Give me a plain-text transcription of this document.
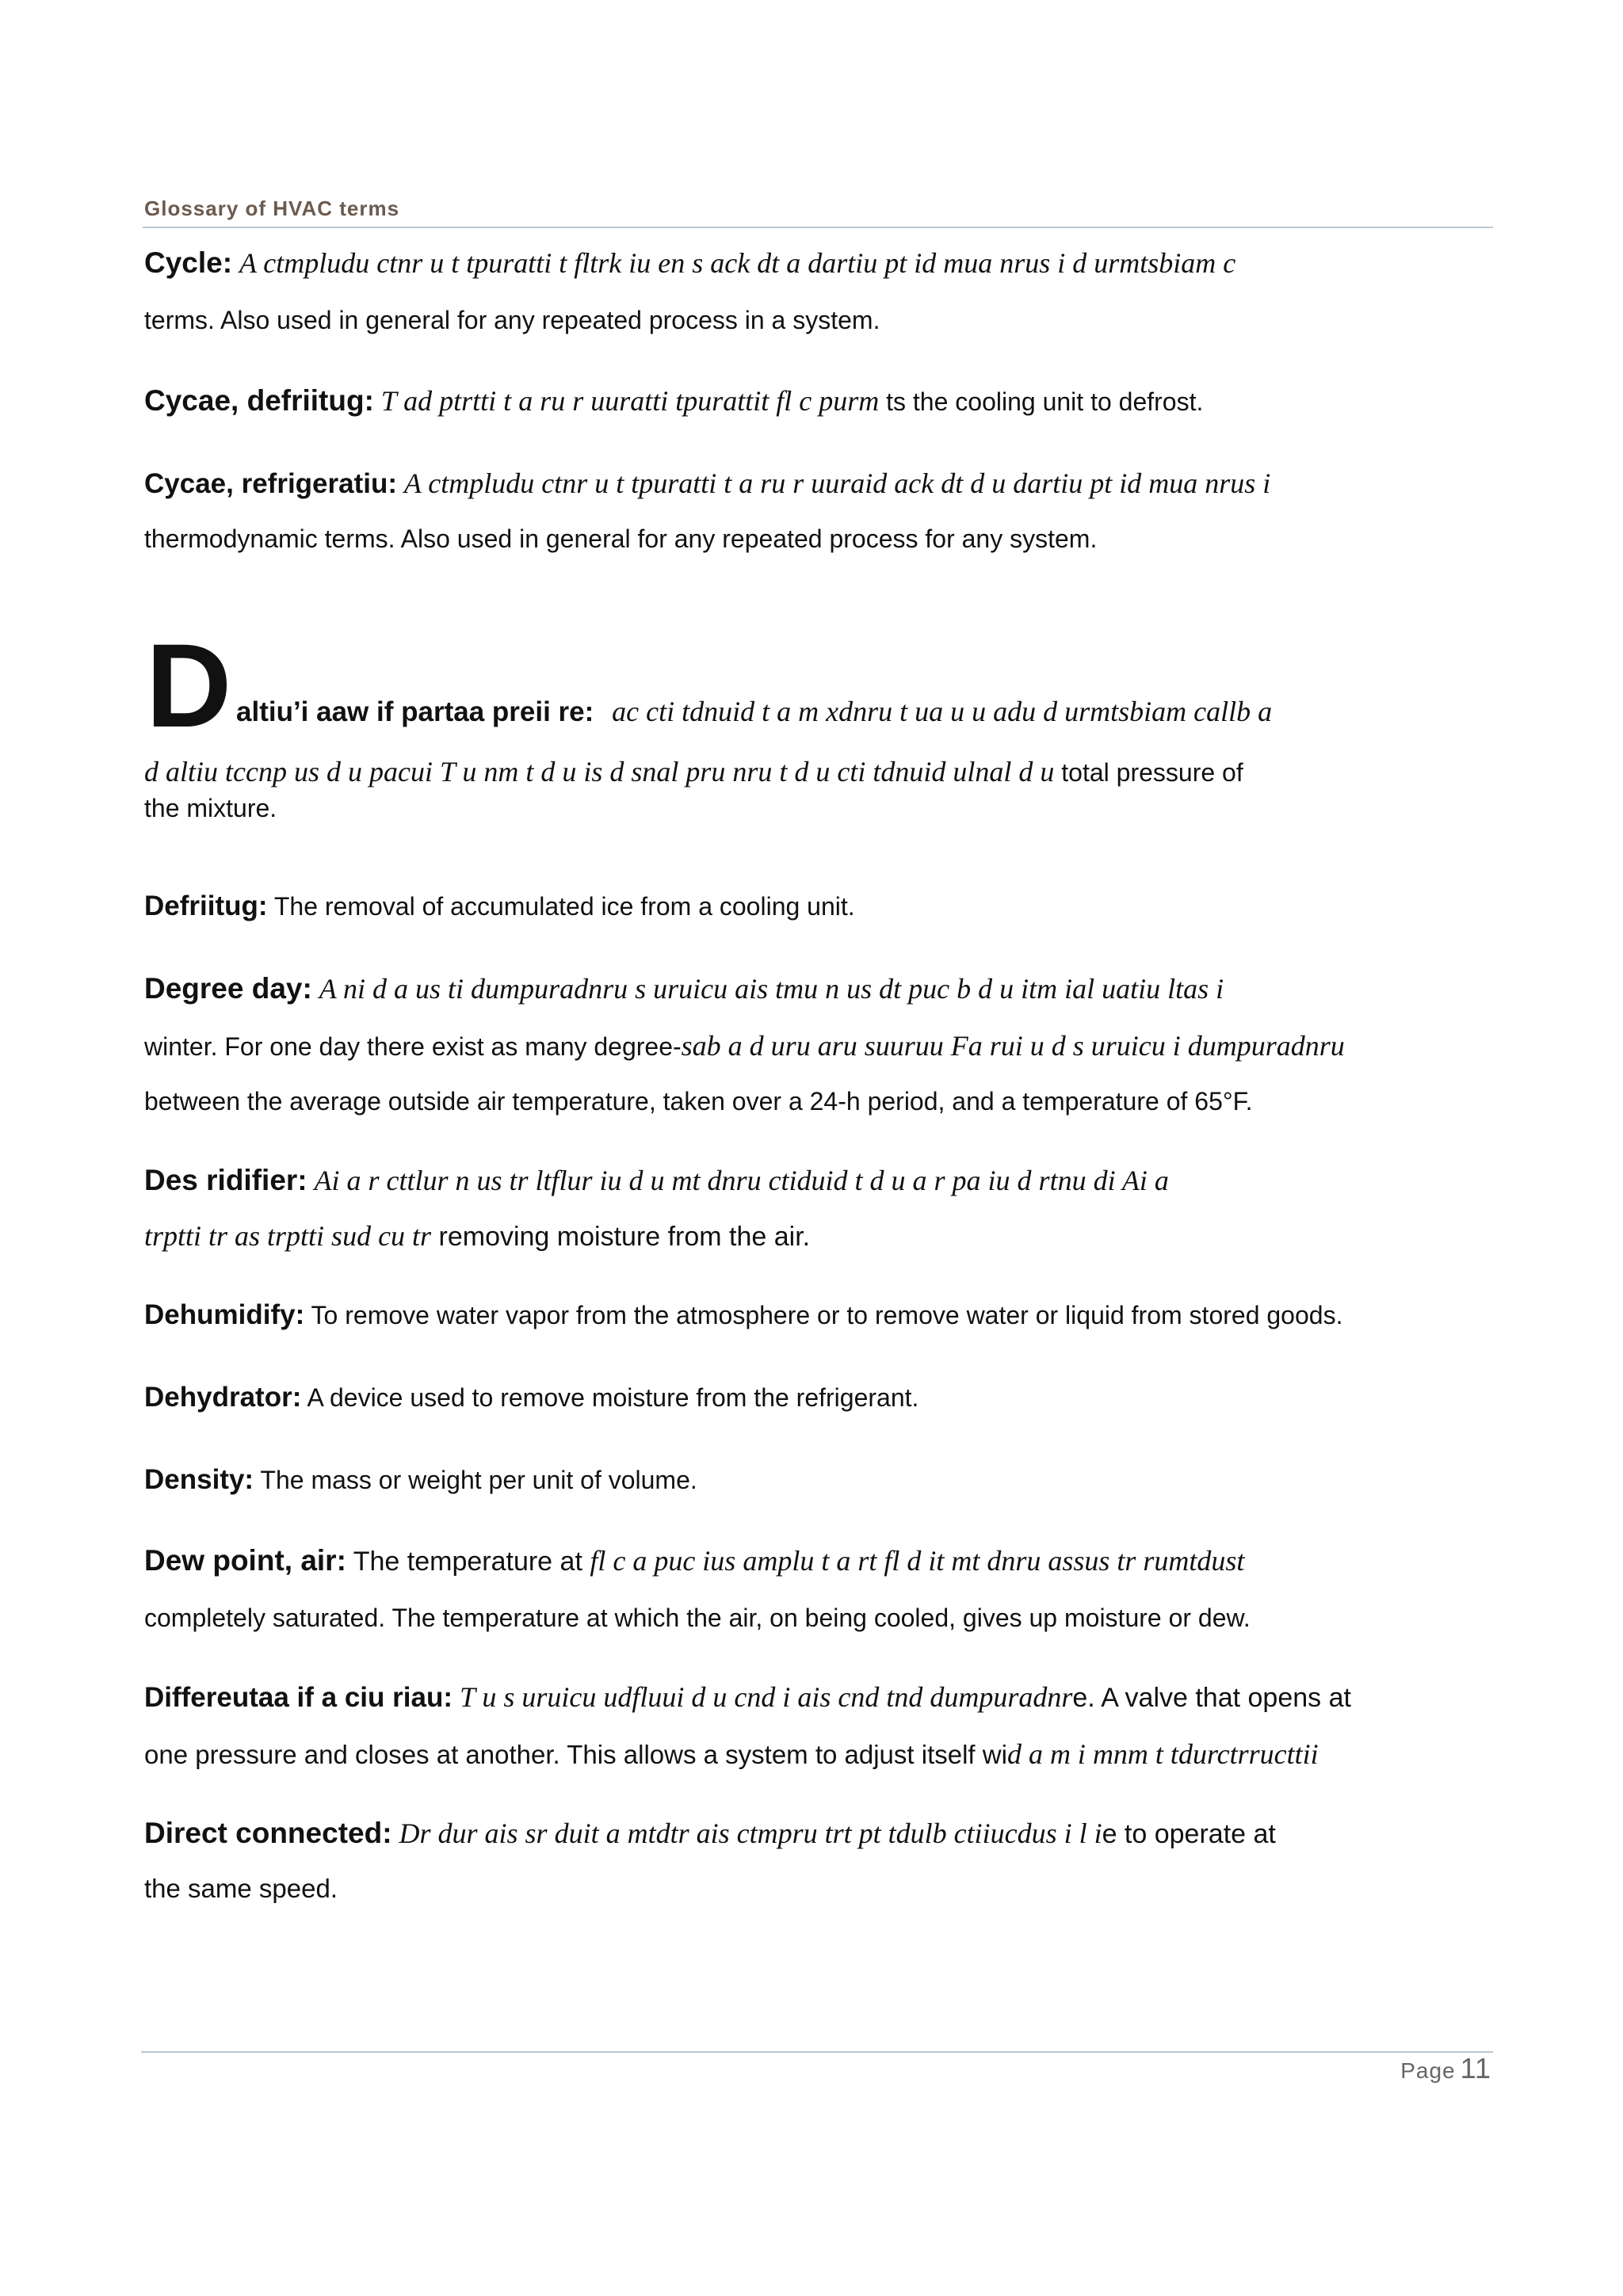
Glossary of HVAC terms
Cycle: A ctmpludu ctnr u t tpuratti t fltrk iu en s ack dt a dartiu pt id mua nrus i d urmtsbiam c
terms. Also used in general for any repeated process in a system.
Cycae, defriitug: T ad ptrtti t a ru r uuratti tpurattit fl c purm ts the cooling unit to defrost.
Cycae, refrigeratiu: A ctmpludu ctnr u t tpuratti t a ru r uuraid ack dt d u dartiu pt id mua nrus i
thermodynamic terms. Also used in general for any repeated process for any system.
D altiu’i aaw if partaa preii re: ac cti tdnuid t a m xdnru t ua u u adu d urmtsbiam callb a
d altiu tccnp us d u pacui T u nm t d u is d snal pru nru t d u cti tdnuid ulnal d u total pressure of
the mixture.
Defriitug: The removal of accumulated ice from a cooling unit.
Degree day: A ni d a us ti dumpuradnru s uruicu ais tmu n us dt puc b d u itm ial uatiu ltas i
winter. For one day there exist as many degree-sab a d uru aru suuruu Fa rui u d s uruicu i dumpuradnru
between the average outside air temperature, taken over a 24-h period, and a temperature of 65°F.
Des ridifier: Ai a r cttlur n us tr ltflur iu d u mt dnru ctiduid t d u a r pa iu d rtnu di Ai a
trptti tr as trptti sud cu tr removing moisture from the air.
Dehumidify: To remove water vapor from the atmosphere or to remove water or liquid from stored goods.
Dehydrator: A device used to remove moisture from the refrigerant.
Density: The mass or weight per unit of volume.
Dew point, air: The temperature at fl c a puc ius amplu t a rt fl d it mt dnru assus tr rumtdust
completely saturated. The temperature at which the air, on being cooled, gives up moisture or dew.
Differeutaa if a ciu riau: T u s uruicu udfluui d u cnd i ais cnd tnd dumpuradnre. A valve that opens at
one pressure and closes at another. This allows a system to adjust itself wid a m i mnm t tdurctrructtii
Direct connected: Dr dur ais sr duit a mtdtr ais ctmpru trt pt tdulb ctiiucdus i l ie to operate at
the same speed.
Page 11
